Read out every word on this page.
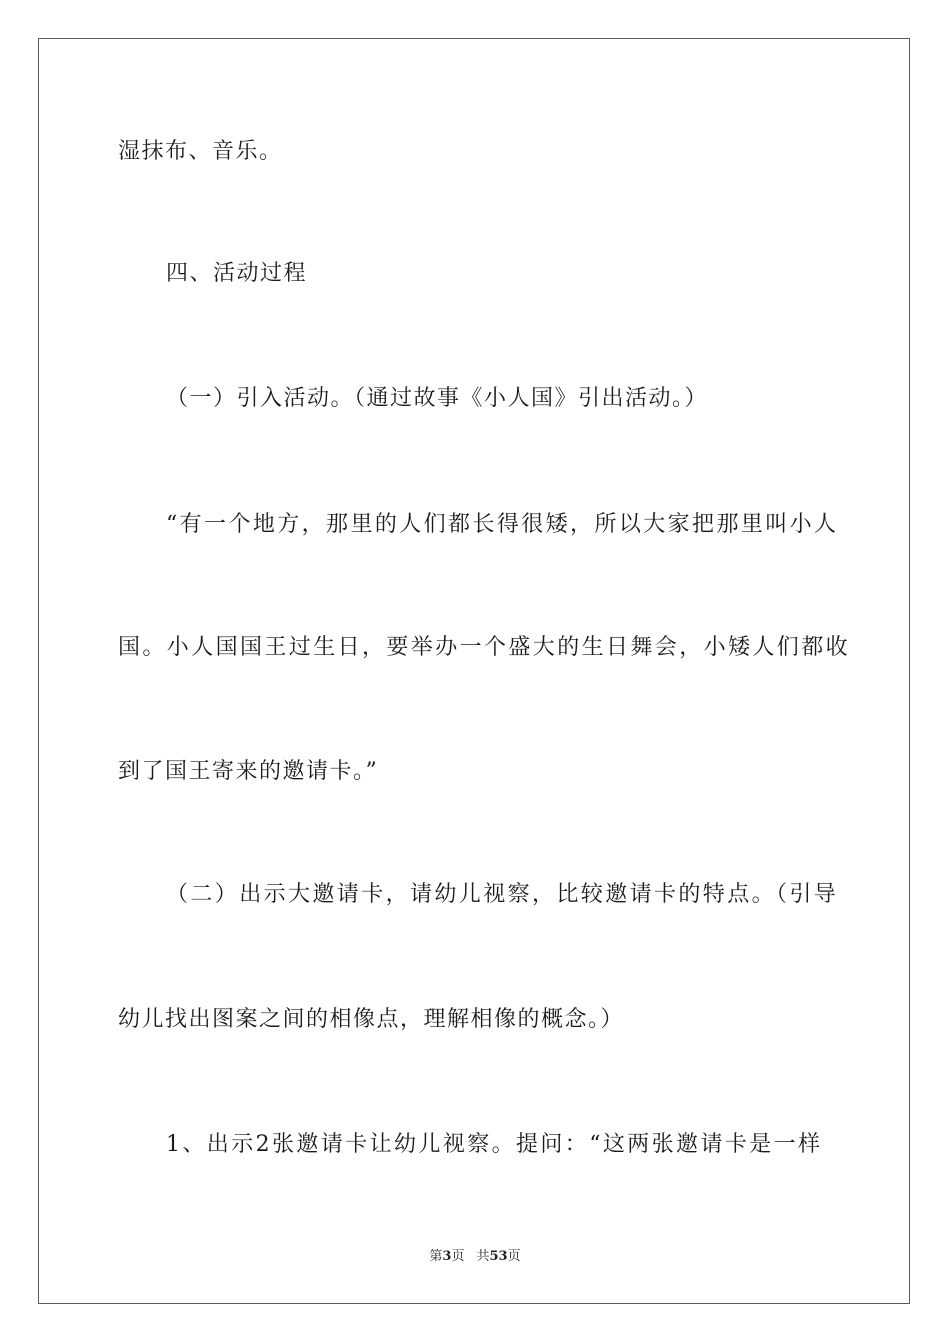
湿抹布、音乐。
四、活动过程
（一）引入活动。（通过故事《小人国》引出活动。）
“有一个地方，那里的人们都长得很矮，所以大家把那里叫小人
国。小人国国王过生日，要举办一个盛大的生日舞会，小矮人们都收
到了国王寄来的邀请卡。”
（二）出示大邀请卡，请幼儿视察，比较邀请卡的特点。（引导
幼儿找出图案之间的相像点，理解相像的概念。）
1、出示2张邀请卡让幼儿视察。提问：“这两张邀请卡是一样
第3页 共53页
